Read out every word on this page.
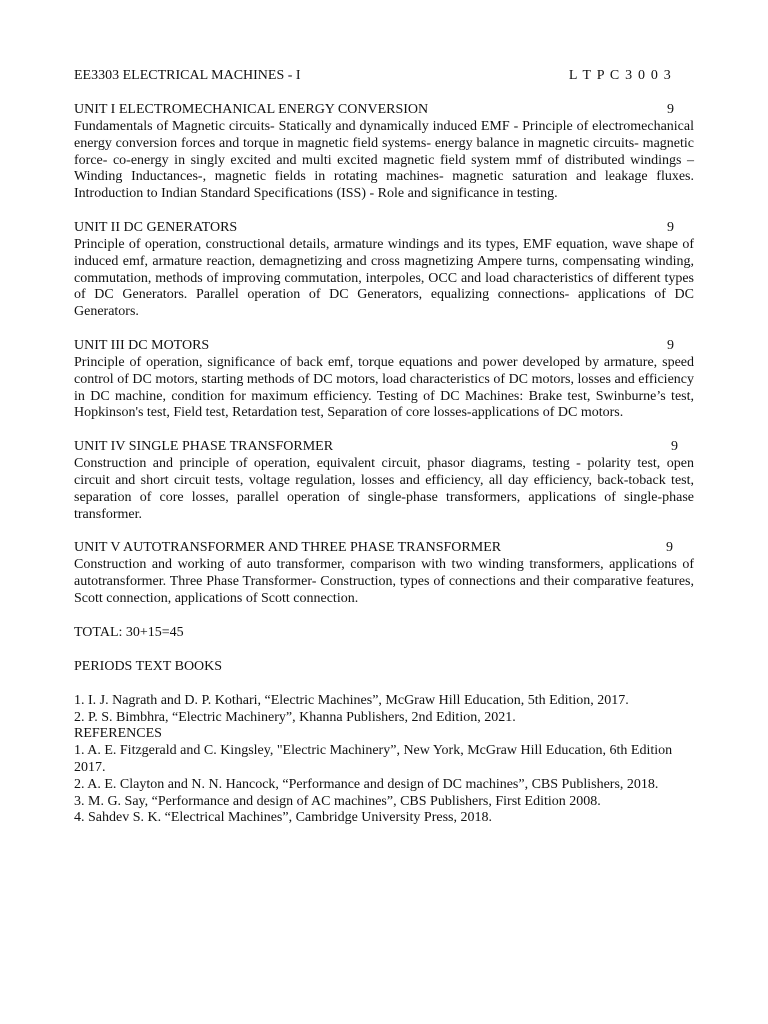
EE3303 ELECTRICAL MACHINES - I	L T P C 3 0 0 3
UNIT I ELECTROMECHANICAL ENERGY CONVERSION	9

Fundamentals of Magnetic circuits- Statically and dynamically induced EMF - Principle of electromechanical energy conversion forces and torque in magnetic field systems- energy balance in magnetic circuits- magnetic force- co-energy in singly excited and multi excited magnetic field system mmf of distributed windings – Winding Inductances-, magnetic fields in rotating machines- magnetic saturation and leakage fluxes. Introduction to Indian Standard Specifications (ISS) - Role and significance in testing.

UNIT II DC GENERATORS	9

Principle of operation, constructional details, armature windings and its types, EMF equation, wave shape of induced emf, armature reaction, demagnetizing and cross magnetizing Ampere turns, compensating winding, commutation, methods of improving commutation, interpoles, OCC and load characteristics of different types of DC Generators. Parallel operation of DC Generators, equalizing connections- applications of DC Generators.

UNIT III DC MOTORS	9

Principle of operation, significance of back emf, torque equations and power developed by armature, speed control of DC motors, starting methods of DC motors, load characteristics of DC motors, losses and efficiency in DC machine, condition for maximum efficiency. Testing of DC Machines: Brake test, Swinburne’s test, Hopkinson's test, Field test, Retardation test, Separation of core losses-applications of DC motors.

UNIT IV SINGLE PHASE TRANSFORMER	9

Construction and principle of operation, equivalent circuit, phasor diagrams, testing - polarity test, open circuit and short circuit tests, voltage regulation, losses and efficiency, all day efficiency, back-toback test, separation of core losses, parallel operation of single-phase transformers, applications of single-phase transformer.

UNIT V AUTOTRANSFORMER AND THREE PHASE TRANSFORMER	9

Construction and working of auto transformer, comparison with two winding transformers, applications of autotransformer. Three Phase Transformer- Construction, types of connections and their comparative features, Scott connection, applications of Scott connection.

TOTAL: 30+15=45
PERIODS TEXT BOOKS

1. I. J. Nagrath and D. P. Kothari, “Electric Machines”, McGraw Hill Education, 5th Edition, 2017.

2. P. S. Bimbhra, “Electric Machinery”, Khanna Publishers, 2nd Edition, 2021.

REFERENCES

1. A. E. Fitzgerald and C. Kingsley, "Electric Machinery”, New York, McGraw Hill Education, 6th Edition 2017.

2. A. E. Clayton and N. N. Hancock, “Performance and design of DC machines”, CBS Publishers, 2018.

3. M. G. Say, “Performance and design of AC machines”, CBS Publishers, First Edition 2008.

4. Sahdev S. K. “Electrical Machines”, Cambridge University Press, 2018.
